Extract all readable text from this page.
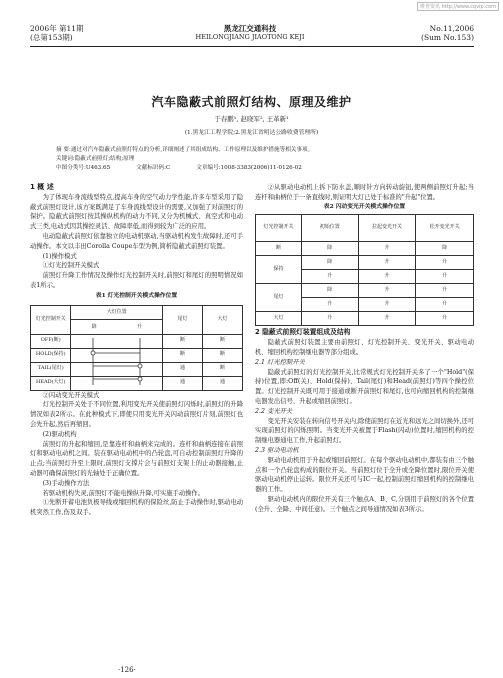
维普资讯 http://www.cqvip.com
2006年 第11期
(总第153期)
黑龙江交通科技
HEILONGJIANG JIAOTONG KEJI
No.11,2006
(Sum No.153)
汽车隐蔽式前照灯结构、原理及维护
于春鹏¹, 赵晓军², 王革新¹
(1.黑龙江工程学院;2.黑龙江省明达公路收费管理所)
摘 要:通过对汽车隐蔽式前照灯特点的分析,详细阐述了其组成结构、工作原理以及维护措施等相关事项。
关键词:隐蔽式前照灯;结构;原理
中图分类号:U463.65	文献标识码:C	文章编号:1008-3383(2006)11-0126-02
1 概 述
为了体现车身流线型特点,提高车身的空气动力学性能,许多车型采用了隐蔽式前照灯设计,该方案既满足了车身流线型设计的需要,又加强了对前照灯的保护。隐蔽式前照灯按其操纵机构的动力不同,又分为机械式、真空式和电动式三类,电动式因其操控灵活、故障率低,而得到较为广泛的应用。
电动隐蔽式前照灯依靠独立的电动机驱动,当驱动机构发生故障时,还可手动操作。本文以丰田Corolla Coupe车型为例,简析隐蔽式前照灯装置。
(1)操作模式
①灯光控制开关模式
前照灯升降工作情况及操作灯光控制开关时,前照灯和尾灯的照明情况如表1所示。
表1 灯光控制开关模式操作位置
灯光控制开关	大灯位置
降 升	尾灯	大灯
OFF(断)		断	断
HOLD(保持)		断	断
TAIL(尾灯)		通	断
HEAD(大灯)		通	通
②闪动变光开关模式
灯光控制开关处于不同位置,利用变光开关使前照灯闪烁时,前照灯的升降情况如表2所示。在此种模式下,即使只用变光开关闪动前照灯片刻,前照灯也会先升起,然后再缩回。
(2)驱动机构
前照灯的升起和缩回,是靠连杆和曲柄来完成的。连杆和曲柄连接在前照灯和驱动电动机之间。装在驱动电动机中的凸轮盘,可自动控制前照灯升降的止点;当前照灯升至上限时,前照灯支撑片会与前照灯支架上的止动器接触,止动器可确保前照灯的光轴处于正确位置。
(3)手动操作方法
若驱动机构失灵,前照灯不能电操纵升降,可实施手动操作。
①先断开蓄电池负极导线或缩回机构的保险丝,防止手动操作时,驱动电动机突然工作,伤及双手。
·126·
②从驱动电动机上拆下防水盖,顺时针方向转动旋钮,使两侧前照灯升起;当连杆和曲柄位于一条直线时,则证明大灯已处于标准的"升起"位置。
表2 闪动变光开关模式操作位置
灯光控制开关	初始位置	拉起变光开关	松开变光开关
断	降	升	降
保持	降	升	升
	升	升	升
尾灯	降	升	升
	升	升	升
大灯	升	升	升
2 隐蔽式前照灯装置组成及结构
隐蔽式前照灯装置主要由前照灯、灯光控制开关、变光开关、驱动电动机、缩回机构控制继电器等部分组成。
2.1 灯光控制开关
隐蔽式前照灯的灯光控制开关,比常规式灯光控制开关多了一个"Hold"(保持)位置,即:Off(关)、Hold(保持)、Tail(尾灯)和Head(前照灯)等四个操控位置。灯光控制开关既可用于接通或断开前照灯和尾灯,也可向缩回机构的控制继电器发出信号、升起或缩回前照灯。
2.2 变光开关
变光开关安装在转向信号开关内,除使前照灯在近光和远光之间切换外,还可实现前照灯的闪烁照明。当变光开关被置于Flash(闪动)位置时,缩回机构的控制继电器通电工作,升起前照灯。
2.3 驱动电动机
驱动电动机用于升起或缩回前照灯。在每个驱动电动机中,都装有由三个触点和一个凸轮盘构成的限位开关。当前照灯位于全升或全降位置时,限位开关使驱动电动机停止运转。限位开关还可与IC一起,控制前照灯缩回机构的控制继电器的工作。
驱动电动机内的限位开关有三个触点A、B、C,分别用于前照灯的各个位置(全升、全降、中间任意)。三个触点之间导通情况如表3所示。
